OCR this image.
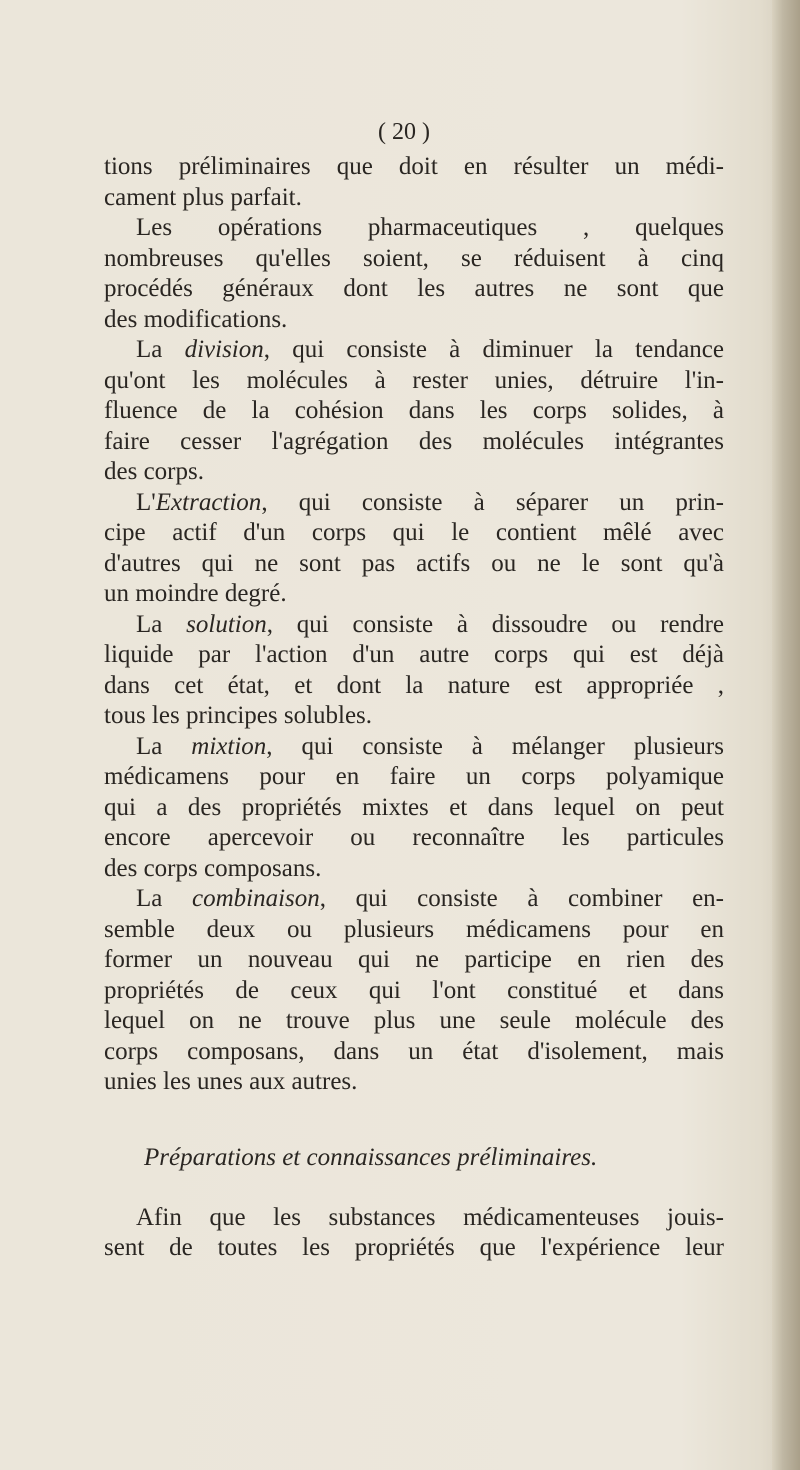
( 20 )
tions préliminaires que doit en résulter un médi-
cament plus parfait.
Les opérations pharmaceutiques , quelques
nombreuses qu'elles soient, se réduisent à cinq
procédés généraux dont les autres ne sont que
des modifications.
La division, qui consiste à diminuer la tendance
qu'ont les molécules à rester unies, détruire l'in-
fluence de la cohésion dans les corps solides, à
faire cesser l'agrégation des molécules intégrantes
des corps.
L'Extraction, qui consiste à séparer un prin-
cipe actif d'un corps qui le contient mêlé avec
d'autres qui ne sont pas actifs ou ne le sont qu'à
un moindre degré.
La solution, qui consiste à dissoudre ou rendre
liquide par l'action d'un autre corps qui est déjà
dans cet état, et dont la nature est appropriée ,
tous les principes solubles.
La mixtion, qui consiste à mélanger plusieurs
médicamens pour en faire un corps polyamique
qui a des propriétés mixtes et dans lequel on peut
encore apercevoir ou reconnaître les particules
des corps composans.
La combinaison, qui consiste à combiner en-
semble deux ou plusieurs médicamens pour en
former un nouveau qui ne participe en rien des
propriétés de ceux qui l'ont constitué et dans
lequel on ne trouve plus une seule molécule des
corps composans, dans un état d'isolement, mais
unies les unes aux autres.
Préparations et connaissances préliminaires.
Afin que les substances médicamenteuses jouis-
sent de toutes les propriétés que l'expérience leur
